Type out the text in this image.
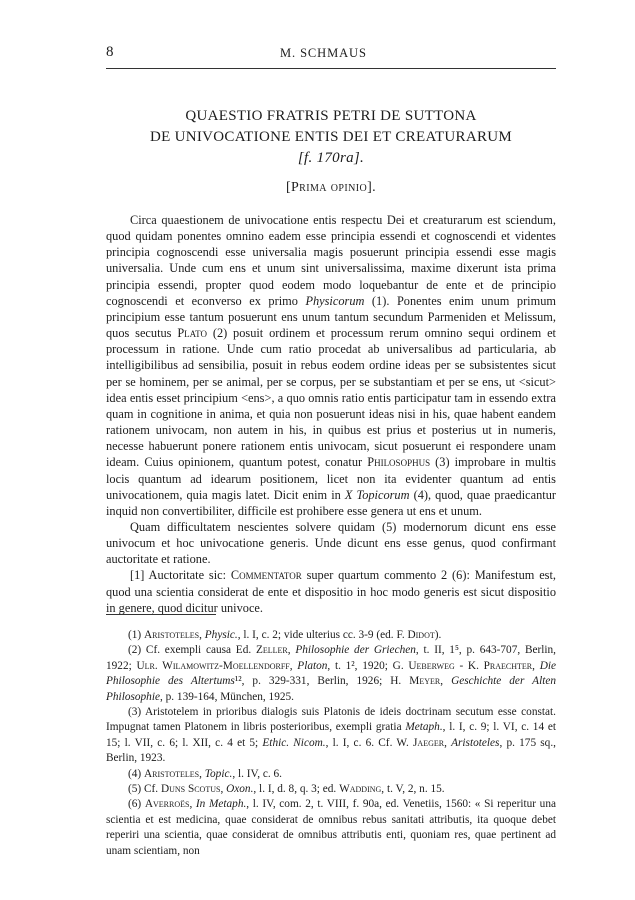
8	M. SCHMAUS
QUAESTIO FRATRIS PETRI DE SUTTONA
DE UNIVOCATIONE ENTIS DEI ET CREATURARUM
[f. 170ra].
[Prima opinio].

Circa quaestionem de univocatione entis respectu Dei et creaturarum est sciendum, quod quidam ponentes omnino eadem esse principia essendi et cognoscendi et videntes principia cognoscendi esse universalia magis posuerunt principia essendi esse magis universalia. Unde cum ens et unum sint universalissima, maxime dixerunt ista prima principia essendi, propter quod eodem modo loquebantur de ente et de principio cognoscendi et econverso ex primo Physicorum (1). Ponentes enim unum primum principium esse tantum posuerunt ens unum tantum secundum Parmeniden et Melissum, quos secutus Plato (2) posuit ordinem et processum rerum omnino sequi ordinem et processum in ratione. Unde cum ratio procedat ab universalibus ad particularia, ab intelligibilibus ad sensibilia, posuit in rebus eodem ordine ideas per se subsistentes sicut per se hominem, per se animal, per se corpus, per se substantiam et per se ens, ut <sicut> idea entis esset principium <ens>, a quo omnis ratio entis participatur tam in essendo extra quam in cognitione in anima, et quia non posuerunt ideas nisi in his, quae habent eandem rationem univocam, non autem in his, in quibus est prius et posterius ut in numeris, necesse habuerunt ponere rationem entis univocam, sicut posuerunt ei respondere unam ideam. Cuius opinionem, quantum potest, conatur Philosophus (3) improbare in multis locis quantum ad idearum positionem, licet non ita evidenter quantum ad entis univocationem, quia magis latet. Dicit enim in X Topicorum (4), quod, quae praedicantur inquid non convertibiliter, difficile est prohibere esse genera ut ens et unum.

Quam difficultatem nescientes solvere quidam (5) modernorum dicunt ens esse univocum et hoc univocatione generis. Unde dicunt ens esse genus, quod confirmant auctoritate et ratione.

[1] Auctoritate sic: Commentator super quartum commento 2 (6): Manifestum est, quod una scientia considerat de ente et dispositio in hoc modo generis est sicut dispositio in genere, quod dicitur univoce.

(1) Aristoteles, Physic., l. I, c. 2; vide ulterius cc. 3-9 (ed. F. Didot).

(2) Cf. exempli causa Ed. Zeller, Philosophie der Griechen, t. II, 1⁵, p. 643-707, Berlin, 1922; Ulr. Wilamowitz-Moellendorff, Platon, t. 1², 1920; G. Ueberweg - K. Praechter, Die Philosophie des Altertums¹², p. 329-331, Berlin, 1926; H. Meyer, Geschichte der Alten Philosophie, p. 139-164, München, 1925.

(3) Aristotelem in prioribus dialogis suis Platonis de ideis doctrinam secutum esse constat. Impugnat tamen Platonem in libris posterioribus, exempli gratia Metaph., l. I, c. 9; l. VI, c. 14 et 15; l. VII, c. 6; l. XII, c. 4 et 5; Ethic. Nicom., l. I, c. 6. Cf. W. Jaeger, Aristoteles, p. 175 sq., Berlin, 1923.

(4) Aristoteles, Topic., l. IV, c. 6.

(5) Cf. Duns Scotus, Oxon., l. I, d. 8, q. 3; ed. Wadding, t. V, 2, n. 15.

(6) Averroës, In Metaph., l. IV, com. 2, t. VIII, f. 90a, ed. Venetiis, 1560: « Si reperitur una scientia et est medicina, quae considerat de omnibus rebus sanitati attributis, ita quoque debet reperiri una scientia, quae considerat de omnibus attributis enti, quoniam res, quae pertinent ad unam scientiam, non
